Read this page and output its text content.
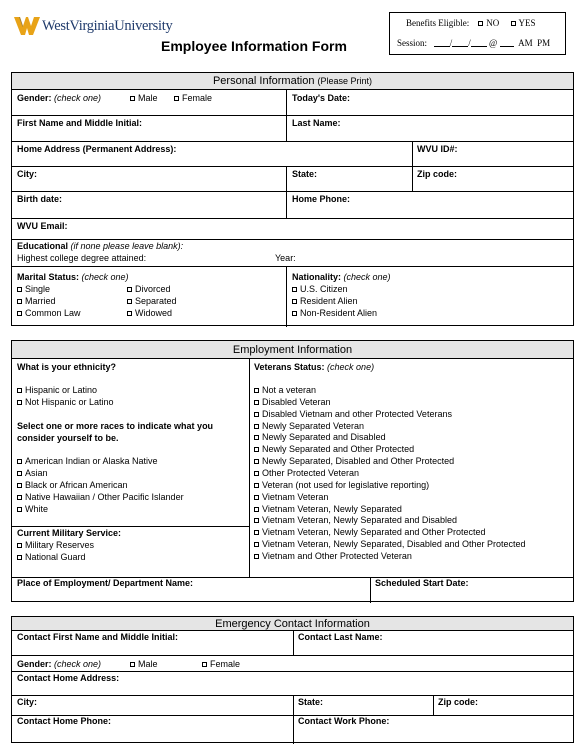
WestVirginiaUniversity
Employee Information Form
Benefits Eligible: NO YES
Session:	/ / @ AM PM
Personal Information (Please Print)
Gender: (check one)	Male	Female	Today's Date:
First Name and Middle Initial:	Last Name:
Home Address (Permanent Address):	WVU ID#:
City:	State:	Zip code:
Birth date:	Home Phone:
WVU Email:
Educational (if none please leave blank):
Highest college degree attained:	Year:
Marital Status: (check one)
Single
Married
Common Law
Divorced
Separated
Widowed
Nationality: (check one)
U.S. Citizen
Resident Alien
Non-Resident Alien
Employment Information
What is your ethnicity?
Hispanic or Latino
Not Hispanic or Latino
Select one or more races to indicate what you
consider yourself to be.
American Indian or Alaska Native
Asian
Black or African American
Native Hawaiian / Other Pacific Islander
White
Current Military Service:
Military Reserves
National Guard
Veterans Status: (check one)
Not a veteran
Disabled Veteran
Disabled Vietnam and other Protected Veterans
Newly Separated Veteran
Newly Separated and Disabled
Newly Separated and Other Protected
Newly Separated, Disabled and Other Protected
Other Protected Veteran
Veteran (not used for legislative reporting)
Vietnam Veteran
Vietnam Veteran, Newly Separated
Vietnam Veteran, Newly Separated and Disabled
Vietnam Veteran, Newly Separated and Other Protected
Vietnam Veteran, Newly Separated, Disabled and Other Protected
Vietnam and Other Protected Veteran
Place of Employment/ Department Name:	Scheduled Start Date:
Emergency Contact Information
Contact First Name and Middle Initial:	Contact Last Name:
Gender: (check one)	Male	Female
Contact Home Address:
City:	State:	Zip code:
Contact Home Phone:	Contact Work Phone:
